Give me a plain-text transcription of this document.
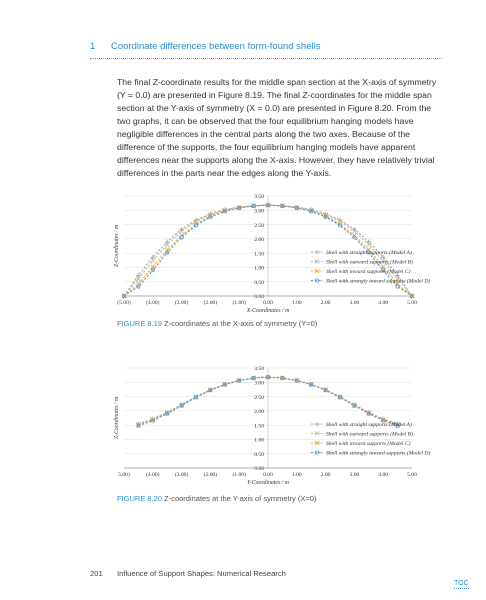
1 Coordinate differences between form-found shells

The final Z-coordinate results for the middle span section at the X-axis of symmetry (Y = 0.0) are presented in Figure 8.19. The final Z-coordinates for the middle span section at the Y-axis of symmetry (X = 0.0) are presented in Figure 8.20. From the two graphs, it can be observed that the four equilibrium hanging models have negligible differences in the central parts along the two axes. Because of the difference of the supports, the four equilibrium hanging models have apparent differences near the supports along the X-axis. However, they have relatively trivial differences in the parts near the edges along the Y-axis.

0.00
0.50
1.00
1.50
2.00
2.50
3.00
3.50
(5.00)	(4.00)	(3.00)	(2.00)	(1.00)	0.00	1.00	2.00	3.00	4.00	5.00
X-Coordinates / m
Z-Coordinates / m	Shell with straight supports (Model A)
Shell with outward supports (Model B)
Shell with inward supports (Model C)
Shell with strongly inward supports (Model D)
FIGURE 8.19 Z-coordinates at the X-axis of symmetry (Y=0)
0.00
0.50
1.00
1.50
2.00
2.50
3.00
3.50
5.00)	(4.00)	(3.00)	(2.00)	(1.00)	0.00	1.00	2.00	3.00	4.00	5.00
Y-Coordinates / m
Z-Coordinates / m	Shell with straight supports (Model A)
Shell with outward supports (Model B)
Shell with inward supports (Model C)
Shell with strongly inward supports (Model D)
FIGURE 8.20 Z-coordinates at the Y-axis of symmetry (X=0)
201 Influence of Support Shapes: Numerical Research
TOC
